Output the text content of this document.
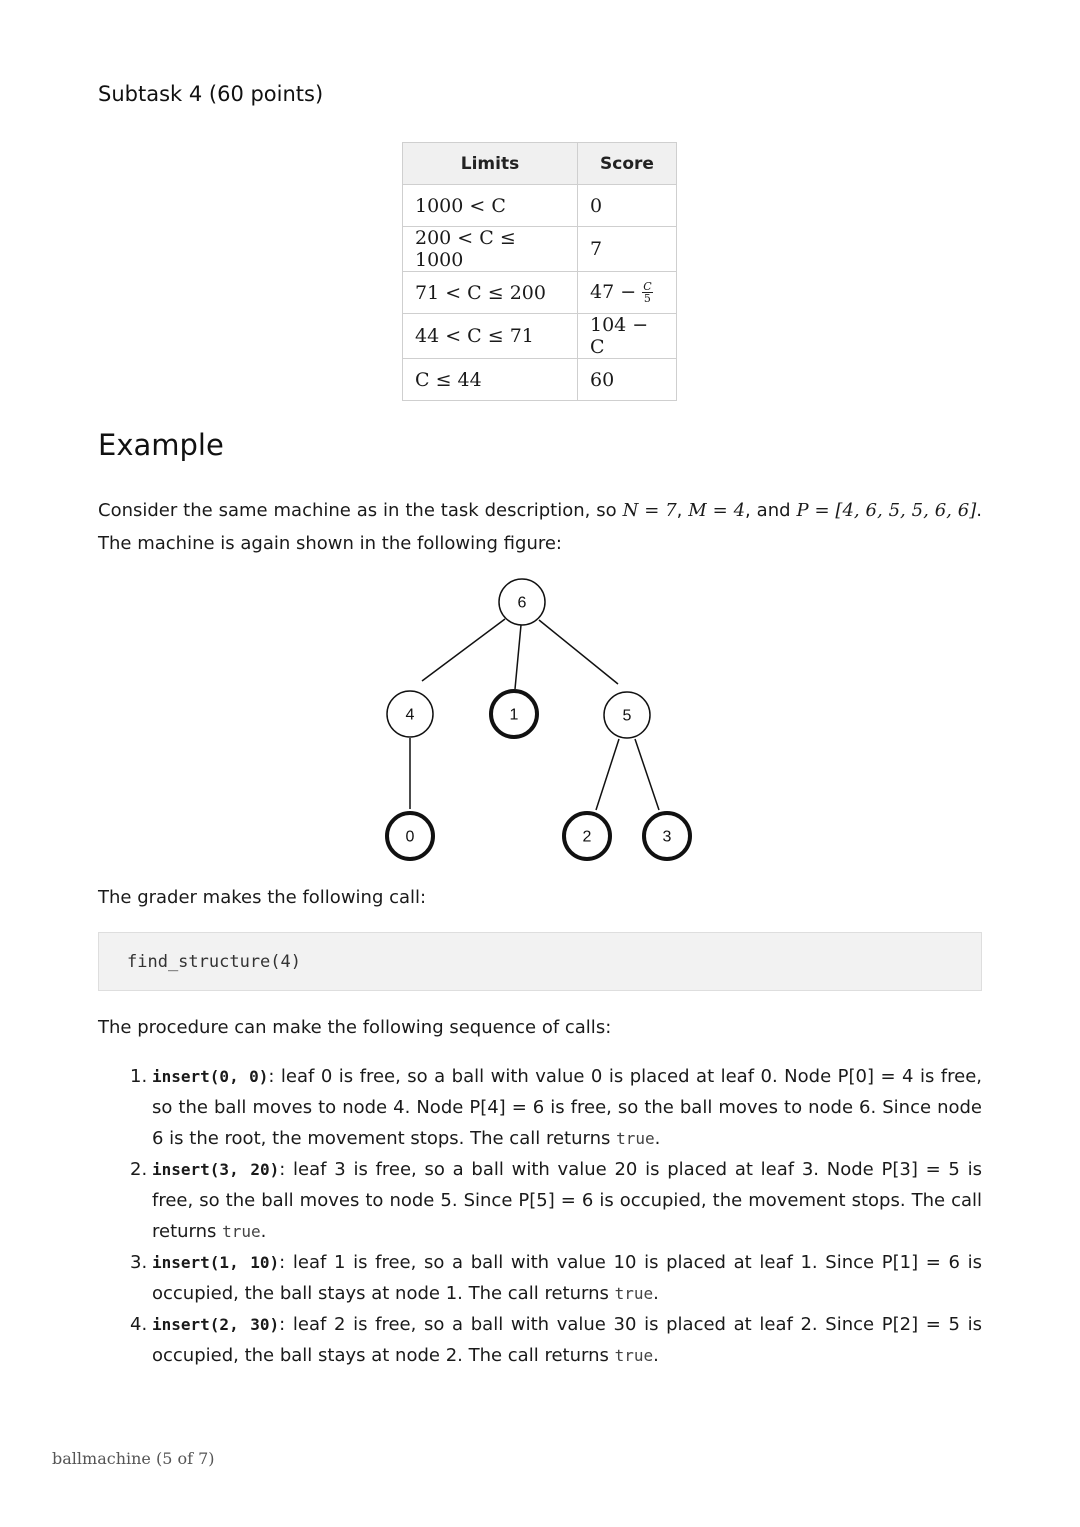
Subtask 4 (60 points)
Limits	Score
1000 < C	0
200 < C ≤ 1000	7
71 < C ≤ 200	$47 - \frac{C}{5}$

44 < C ≤ 71	104 − C
C ≤ 44	60
Example

Consider the same machine as in the task description, so N = 7, M = 4, and P = [4, 6, 5, 5, 6, 6]. The machine is again shown in the following figure:

6
4	1	5
0	2	3

The grader makes the following call:

find_structure(4)

The procedure can make the following sequence of calls:

1. insert(0, 0): leaf 0 is free, so a ball with value 0 is placed at leaf 0. Node P[0] = 4 is free, so the ball moves to node 4. Node P[4] = 6 is free, so the ball moves to node 6. Since node 6 is the root, the movement stops. The call returns true.
2. insert(3, 20): leaf 3 is free, so a ball with value 20 is placed at leaf 3. Node P[3] = 5 is free, so the ball moves to node 5. Since P[5] = 6 is occupied, the movement stops. The call returns true.
3. insert(1, 10): leaf 1 is free, so a ball with value 10 is placed at leaf 1. Since P[1] = 6 is occupied, the ball stays at node 1. The call returns true.
4. insert(2, 30): leaf 2 is free, so a ball with value 30 is placed at leaf 2. Since P[2] = 5 is occupied, the ball stays at node 2. The call returns true.

ballmachine (5 of 7)
